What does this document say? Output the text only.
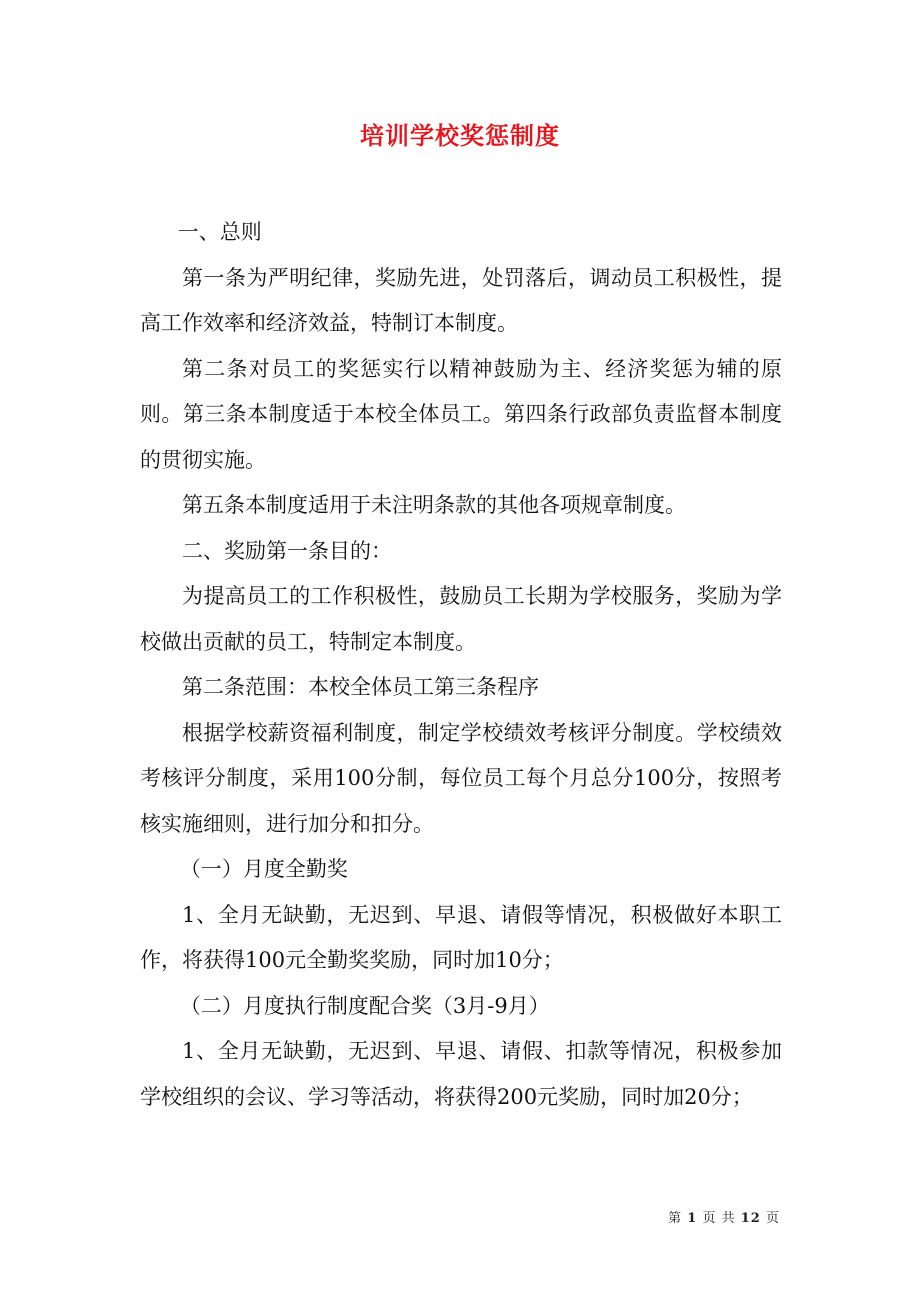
培训学校奖惩制度

一、总则

第一条为严明纪律，奖励先进，处罚落后，调动员工积极性，提高工作效率和经济效益，特制订本制度。

第二条对员工的奖惩实行以精神鼓励为主、经济奖惩为辅的原则。第三条本制度适于本校全体员工。第四条行政部负责监督本制度的贯彻实施。

第五条本制度适用于未注明条款的其他各项规章制度。

二、奖励第一条目的：

为提高员工的工作积极性，鼓励员工长期为学校服务，奖励为学校做出贡献的员工，特制定本制度。

第二条范围：本校全体员工第三条程序

根据学校薪资福利制度，制定学校绩效考核评分制度。学校绩效考核评分制度，采用100分制，每位员工每个月总分100分，按照考核实施细则，进行加分和扣分。

（一）月度全勤奖

1、全月无缺勤，无迟到、早退、请假等情况，积极做好本职工作，将获得100元全勤奖奖励，同时加10分；

（二）月度执行制度配合奖（3月-9月）

1、全月无缺勤，无迟到、早退、请假、扣款等情况，积极参加学校组织的会议、学习等活动，将获得200元奖励，同时加20分；

第 1 页 共 12 页
